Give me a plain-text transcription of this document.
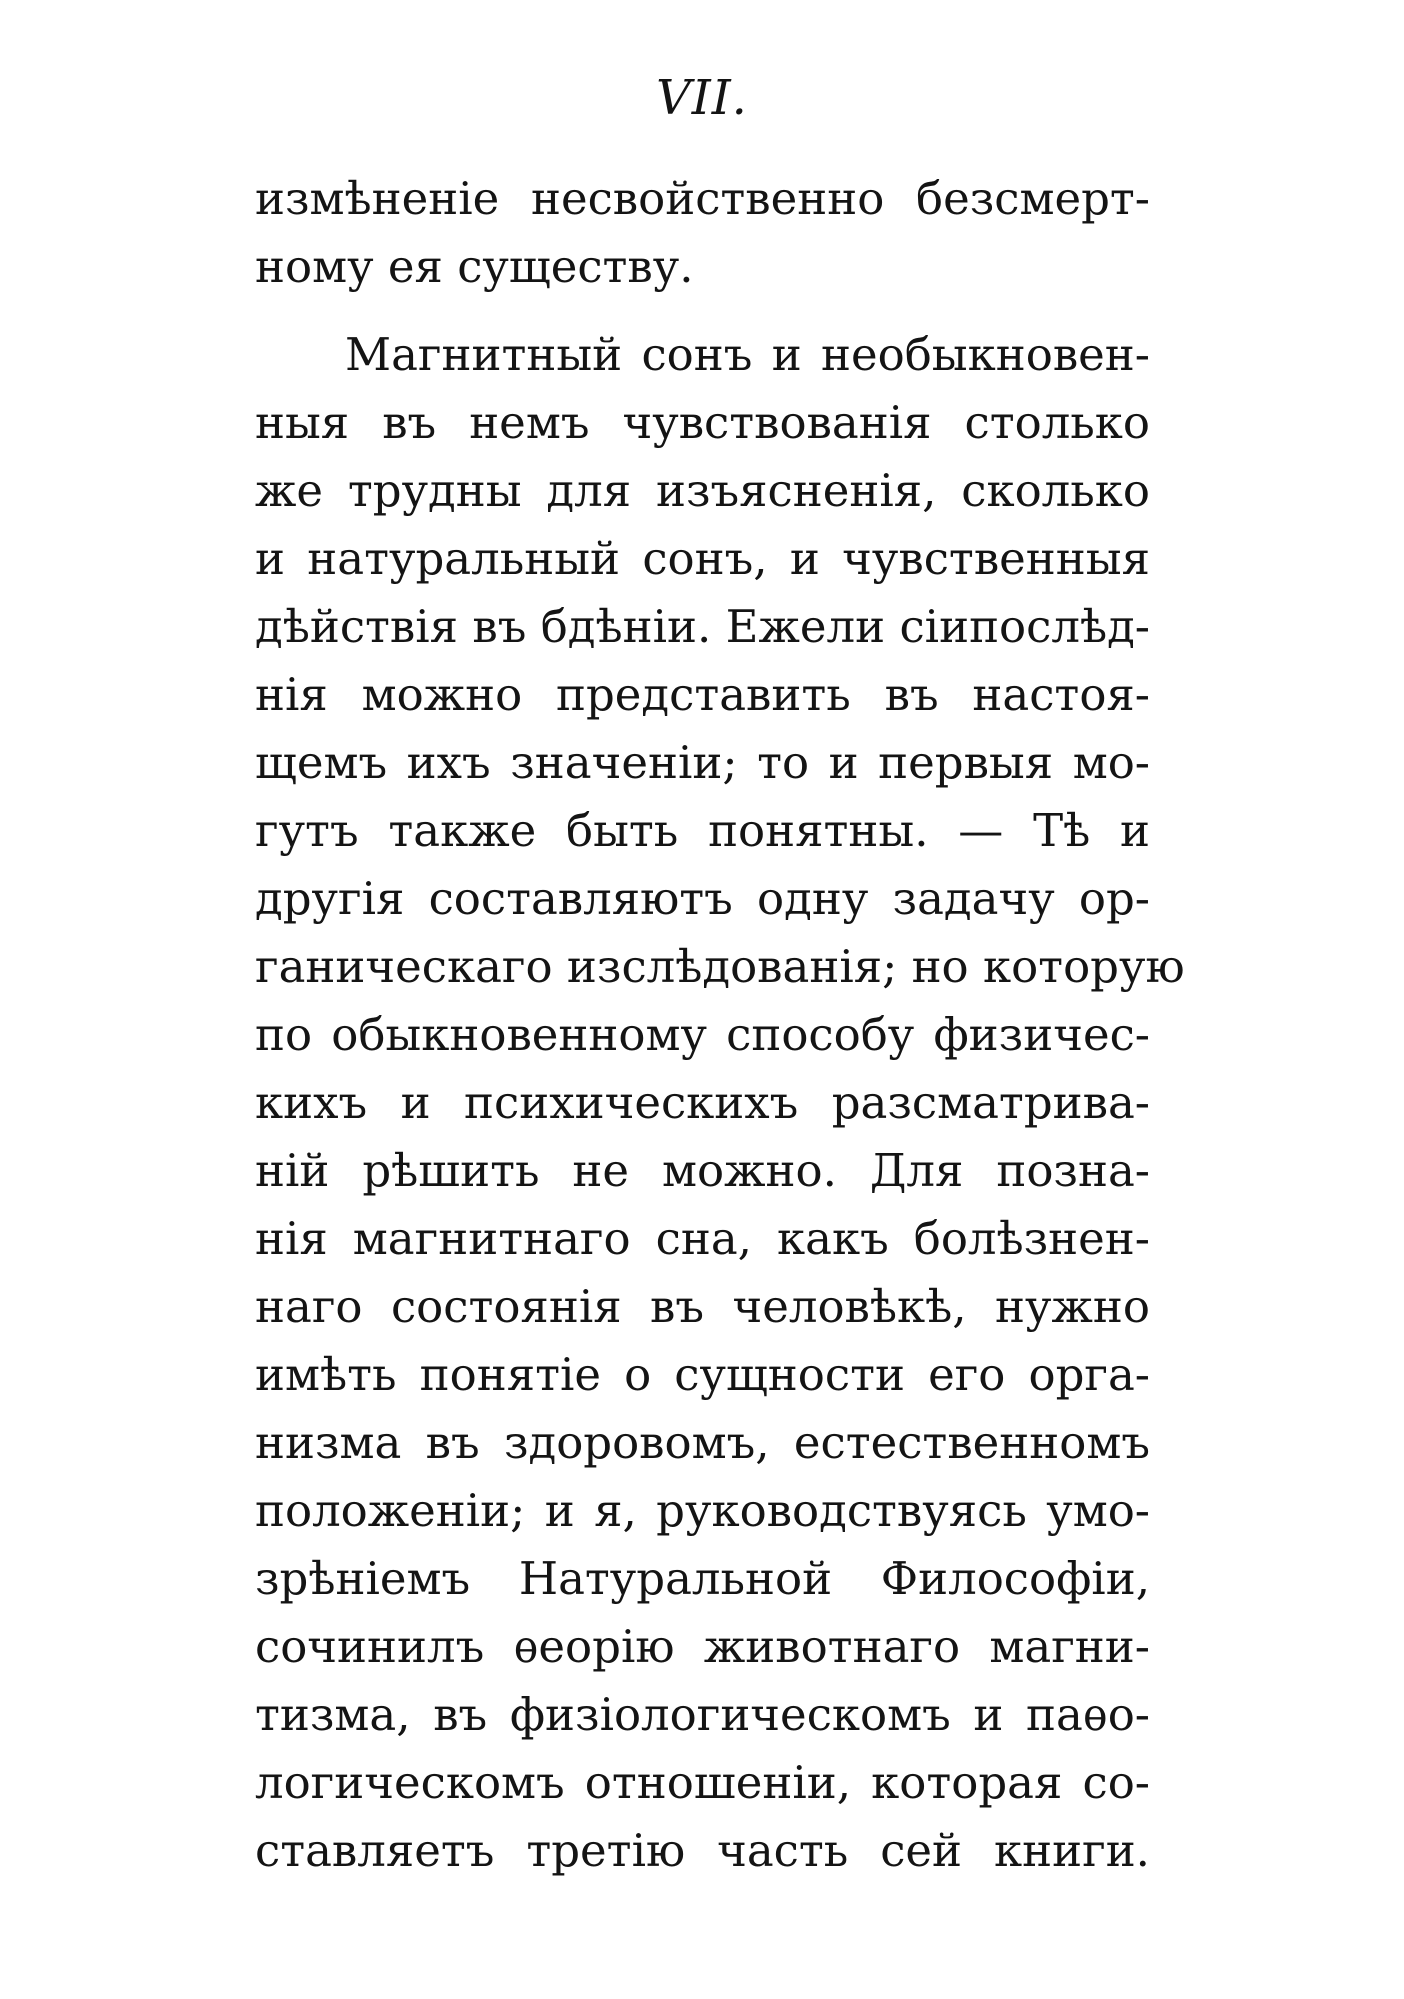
VII.
измѣненiе несвойственно безсмерт-
ному ея существу.
Магнитный сонъ и необыкновен-
ныя въ немъ чувствованiя столько
же трудны для изъясненiя, сколько
и натуральный сонъ, и чувственныя
дѣйствiя въ бдѣнiи. Ежели сiипослѣд-
нiя можно представить въ настоя-
щемъ ихъ значенiи; то и первыя мо-
гутъ также быть понятны. — Тѣ и
другiя составляютъ одну задачу ор-
ганическаго изслѣдованiя; но которую
по обыкновенному способу физичес-
кихъ и психическихъ разсматрива-
нiй рѣшить не можно. Для позна-
нiя магнитнаго сна, какъ болѣзнен-
наго состоянiя въ человѣкѣ, нужно
имѣть понятiе о сущности его орга-
низма въ здоровомъ, естественномъ
положенiи; и я, руководствуясь умо-
зрѣнiемъ Натуральной Философiи,
сочинилъ ѳеорiю животнаго магни-
тизма, въ физiологическомъ и паѳо-
логическомъ отношенiи, которая со-
ставляетъ третiю часть сей книги.
